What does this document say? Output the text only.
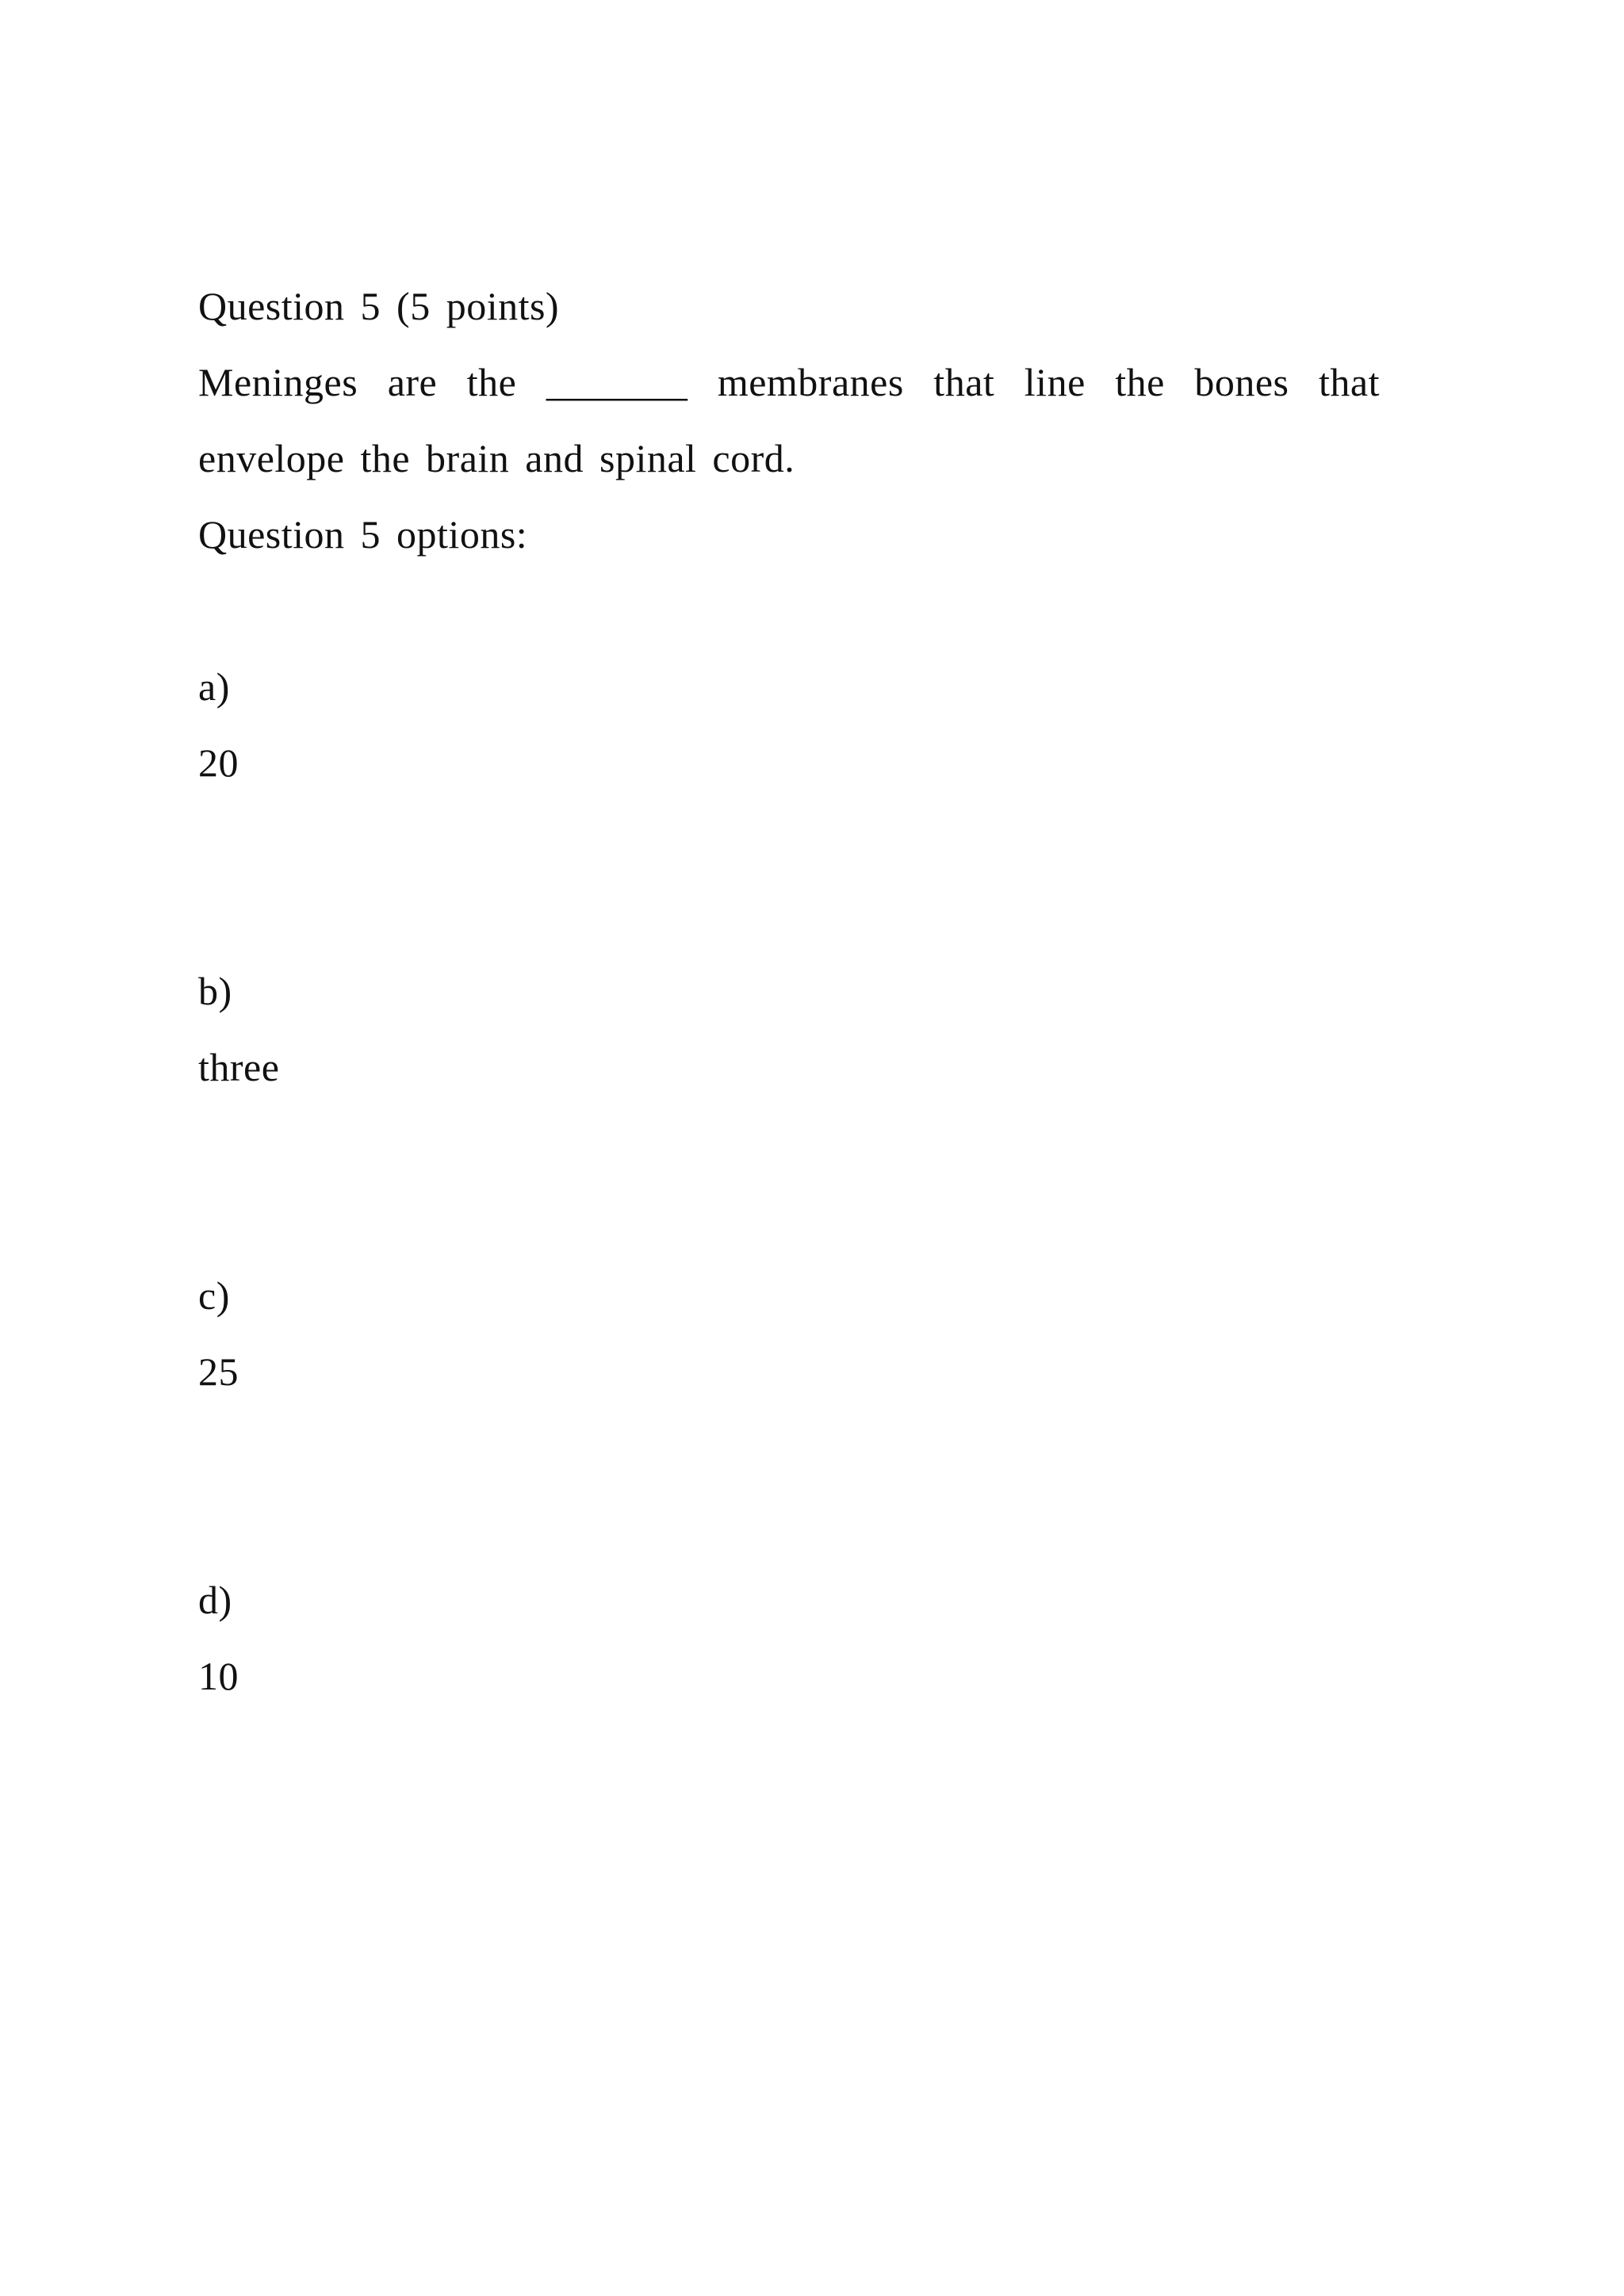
Question 5 (5 points)
Meninges are the _______ membranes that line the bones that envelope the brain and spinal cord.
Question 5 options:
a)
20
b)
three
c)
25
d)
10
